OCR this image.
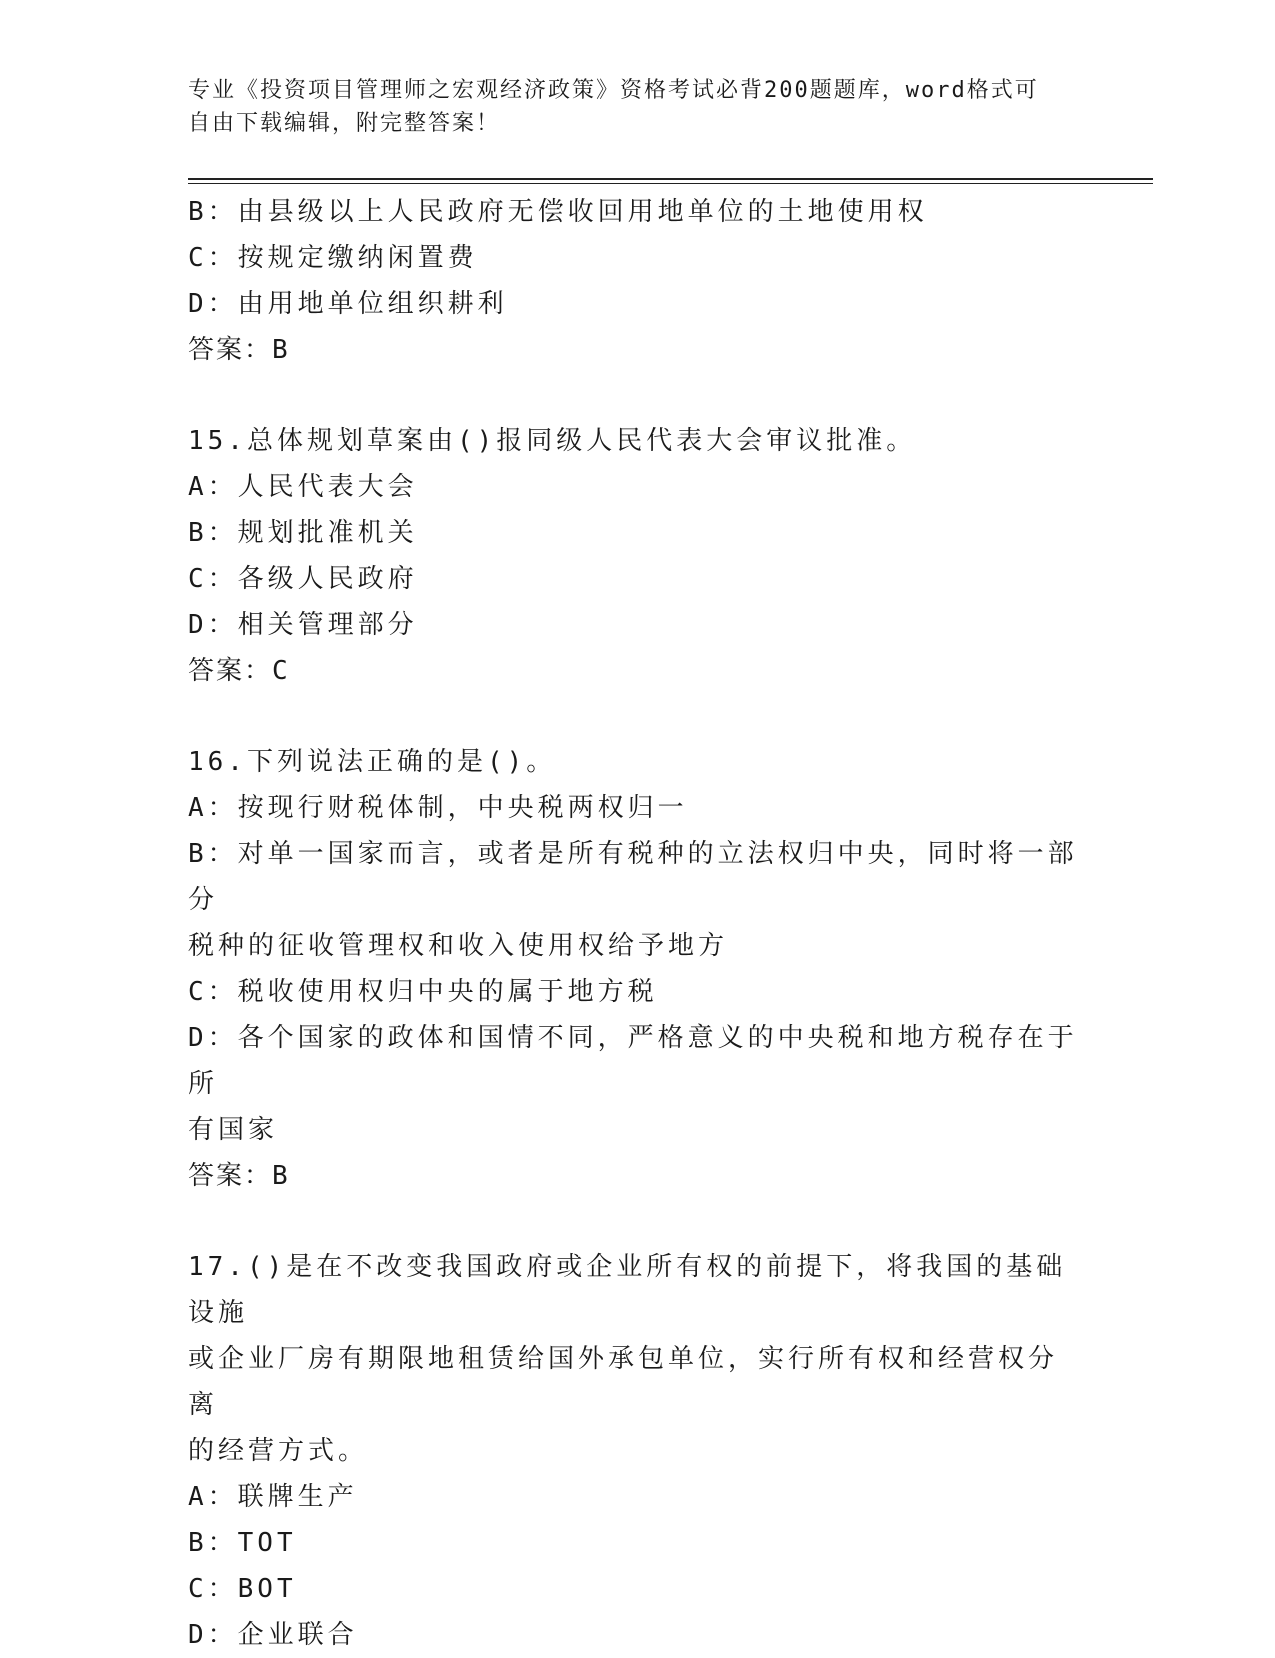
专业《投资项目管理师之宏观经济政策》资格考试必背200题题库，word格式可
自由下载编辑，附完整答案！
B：由县级以上人民政府无偿收回用地单位的土地使用权
C：按规定缴纳闲置费
D：由用地单位组织耕利
答案：B
15.总体规划草案由()报同级人民代表大会审议批准。
A：人民代表大会
B：规划批准机关
C：各级人民政府
D：相关管理部分
答案：C
16.下列说法正确的是()。
A：按现行财税体制，中央税两权归一
B：对单一国家而言，或者是所有税种的立法权归中央，同时将一部分
税种的征收管理权和收入使用权给予地方
C：税收使用权归中央的属于地方税
D：各个国家的政体和国情不同，严格意义的中央税和地方税存在于所
有国家
答案：B
17.()是在不改变我国政府或企业所有权的前提下，将我国的基础设施
或企业厂房有期限地租赁给国外承包单位，实行所有权和经营权分离
的经营方式。
A：联牌生产
B：TOT
C：BOT
D：企业联合
